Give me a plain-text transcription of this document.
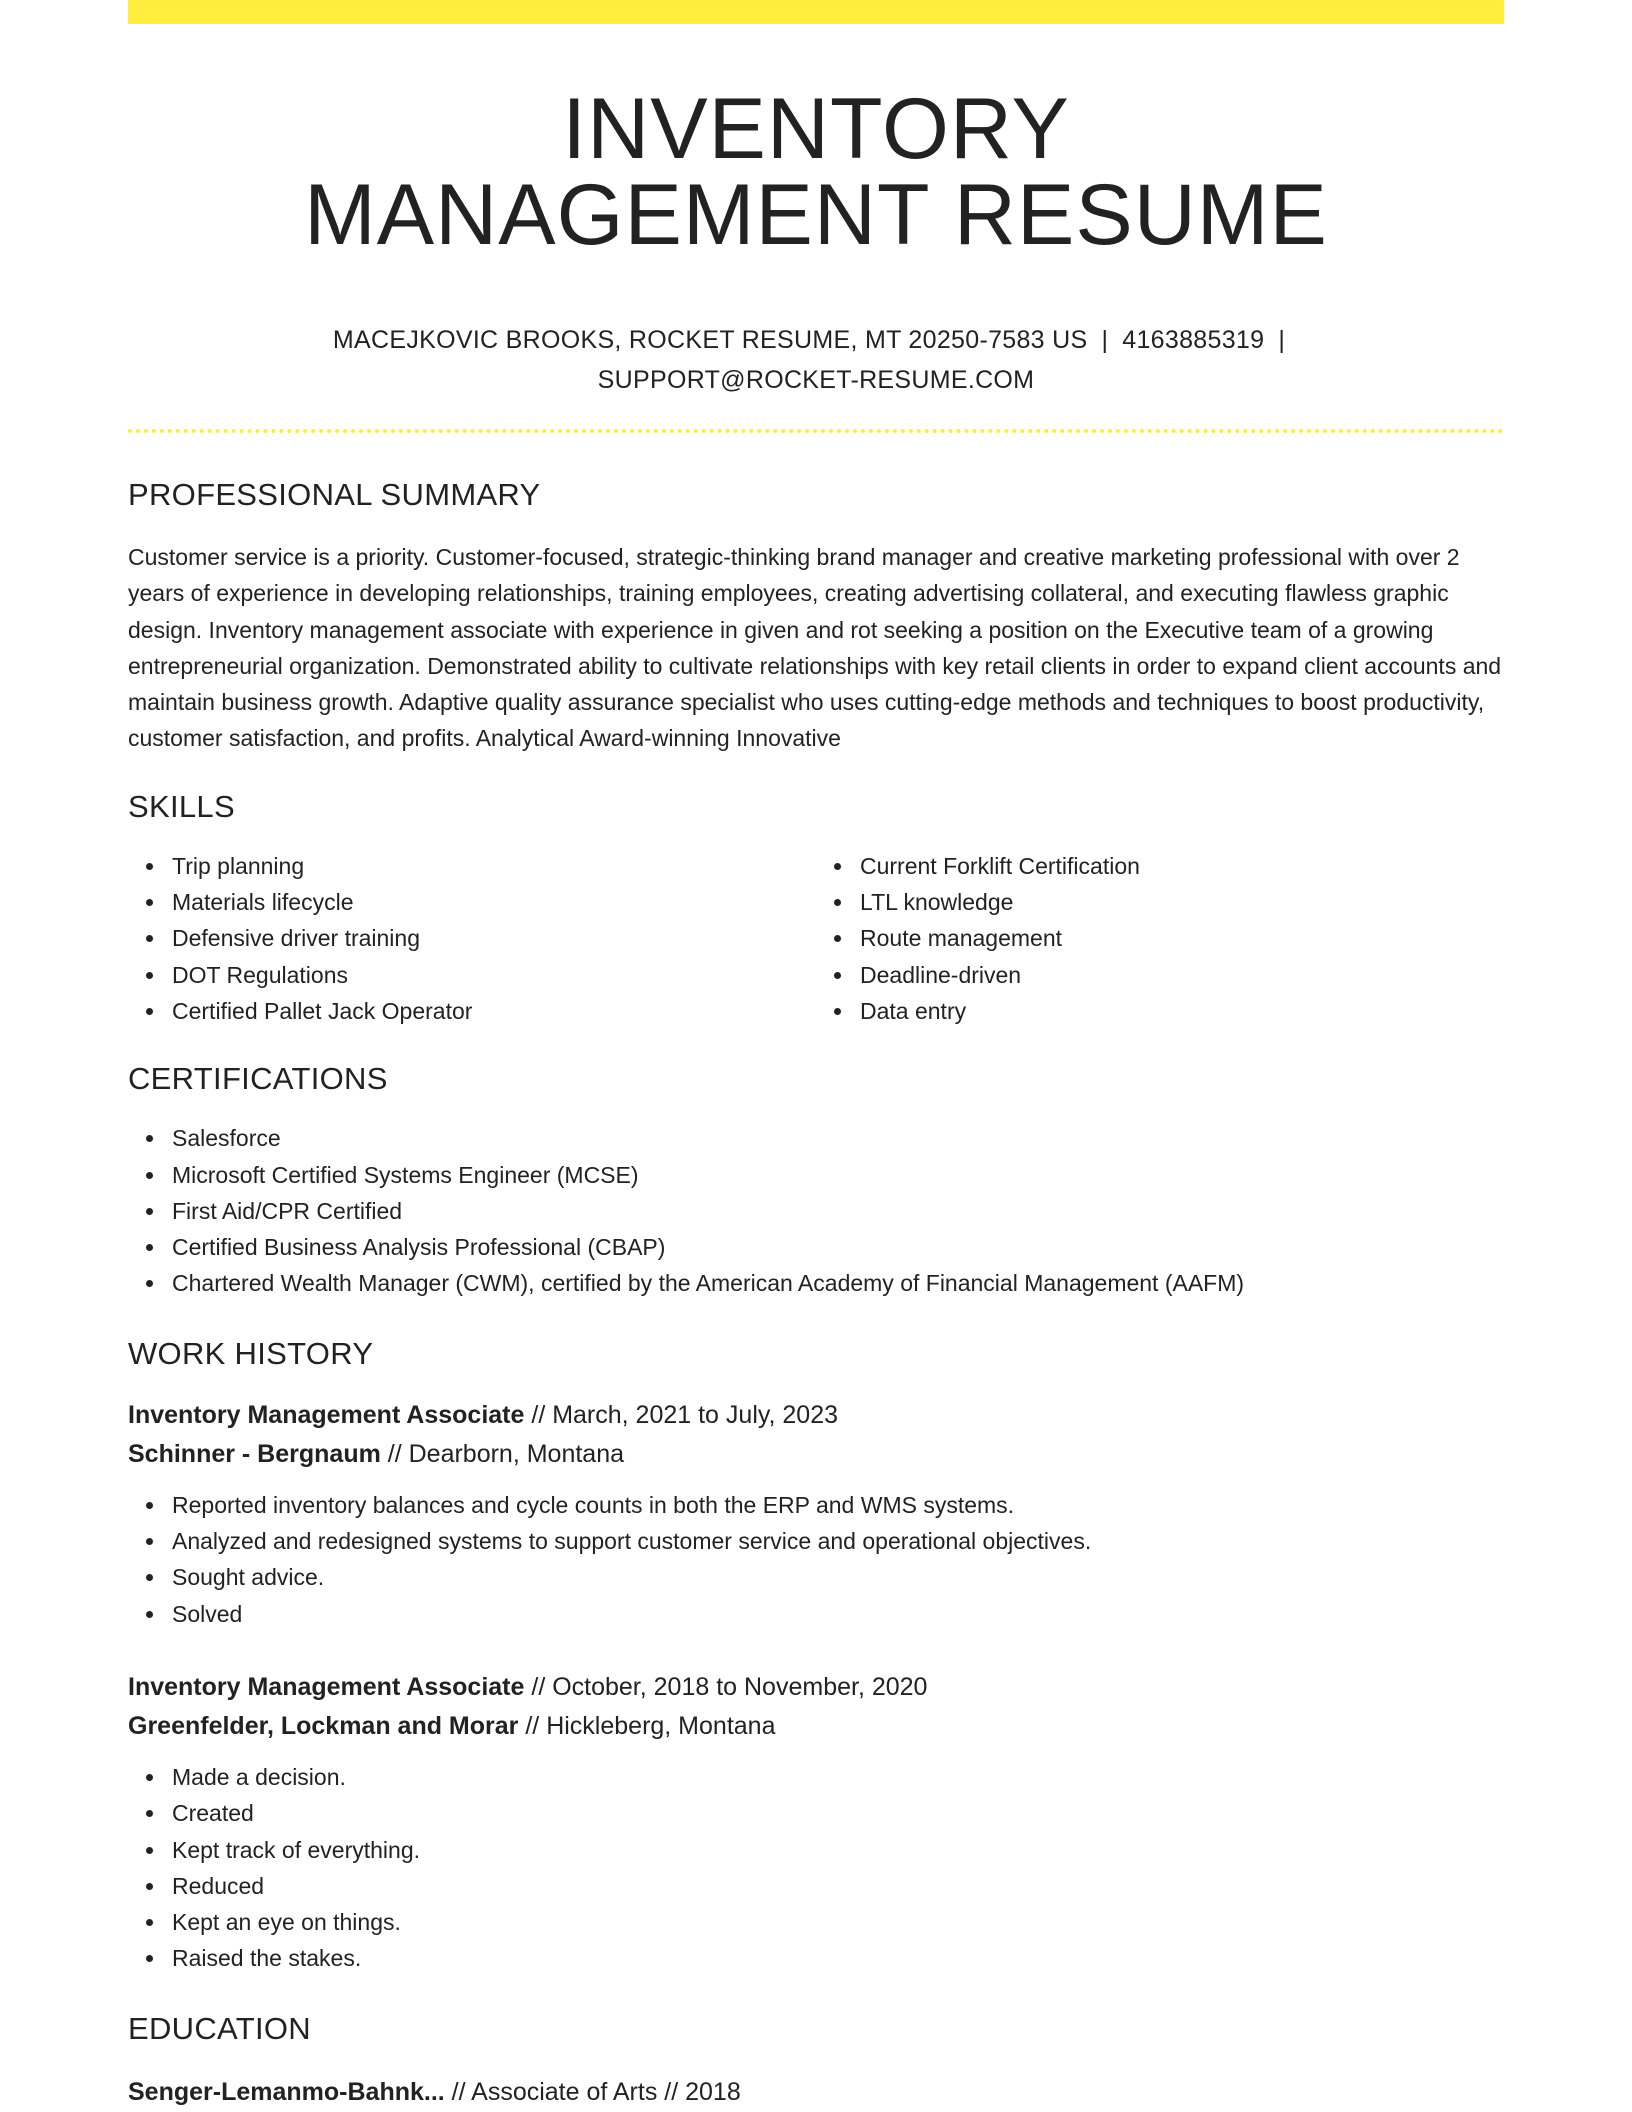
INVENTORY
MANAGEMENT RESUME
MACEJKOVIC BROOKS, ROCKET RESUME, MT 20250-7583 US | 4163885319 |
SUPPORT@ROCKET-RESUME.COM
PROFESSIONAL SUMMARY
Customer service is a priority. Customer-focused, strategic-thinking brand manager and creative marketing professional with over 2 years of experience in developing relationships, training employees, creating advertising collateral, and executing flawless graphic design. Inventory management associate with experience in given and rot seeking a position on the Executive team of a growing entrepreneurial organization. Demonstrated ability to cultivate relationships with key retail clients in order to expand client accounts and maintain business growth. Adaptive quality assurance specialist who uses cutting-edge methods and techniques to boost productivity, customer satisfaction, and profits. Analytical Award-winning Innovative
SKILLS
Trip planning
Materials lifecycle
Defensive driver training
DOT Regulations
Certified Pallet Jack Operator
Current Forklift Certification
LTL knowledge
Route management
Deadline-driven
Data entry
CERTIFICATIONS
Salesforce
Microsoft Certified Systems Engineer (MCSE)
First Aid/CPR Certified
Certified Business Analysis Professional (CBAP)
Chartered Wealth Manager (CWM), certified by the American Academy of Financial Management (AAFM)
WORK HISTORY
Inventory Management Associate // March, 2021 to July, 2023
Schinner - Bergnaum // Dearborn, Montana
Reported inventory balances and cycle counts in both the ERP and WMS systems.
Analyzed and redesigned systems to support customer service and operational objectives.
Sought advice.
Solved
Inventory Management Associate // October, 2018 to November, 2020
Greenfelder, Lockman and Morar // Hickleberg, Montana
Made a decision.
Created
Kept track of everything.
Reduced
Kept an eye on things.
Raised the stakes.
EDUCATION
Senger-Lemanmo-Bahnk... // Associate of Arts // 2018
